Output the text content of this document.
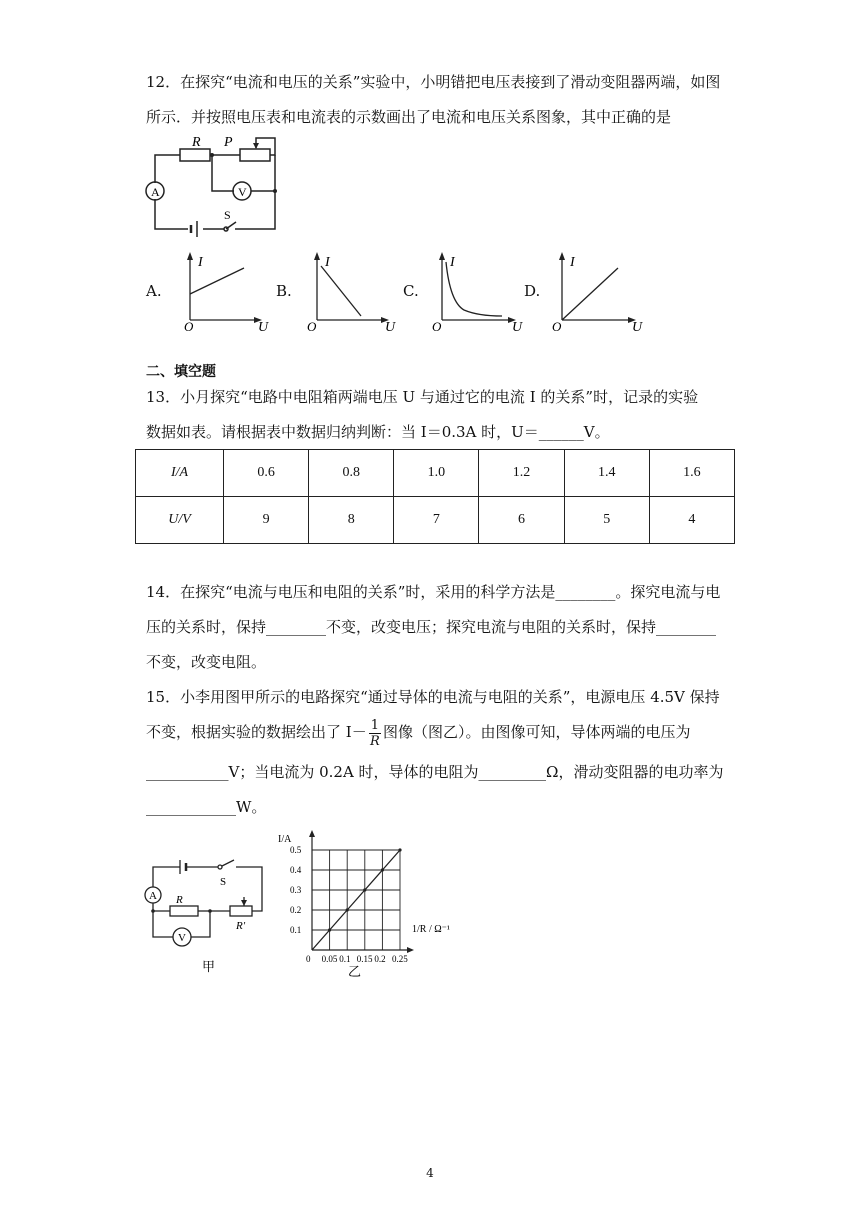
12．在探究“电流和电压的关系”实验中，小明错把电压表接到了滑动变阻器两端，如图
所示．并按照电压表和电流表的示数画出了电流和电压关系图象，其中正确的是
R P
A	V
S
A.
I
O	U
B.
I
O	U
C.
I
O	U
D.
I
O	U
二、填空题
13．小月探究“电路中电阻箱两端电压 U 与通过它的电流 I 的关系”时，记录的实验
数据如表。请根据表中数据归纳判断：当 I＝0.3A 时，U＝______V。
I/A	0.6	0.8	1.0	1.2	1.4	1.6
U/V	9	8	7	6	5	4
14．在探究“电流与电压和电阻的关系”时，采用的科学方法是________。探究电流与电
压的关系时，保持________不变，改变电压；探究电流与电阻的关系时，保持________
不变，改变电阻。
15．小李用图甲所示的电路探究“通过导体的电流与电阻的关系”，电源电压 4.5V 保持
不变，根据实验的数据绘出了 $I- \frac{1}{R}$ 图像（图乙）。由图像可知，导体两端的电压为
___________V；当电流为 0.2A 时，导体的电阻为_________Ω，滑动变阻器的电功率为
____________W。
A
V
R
R′
S
甲
0.1
0.2
0.3
0.4
0.5
0.05 0.1 0.15 0.2 0.25
I/A
1/R / Ω⁻¹
0
乙
4
